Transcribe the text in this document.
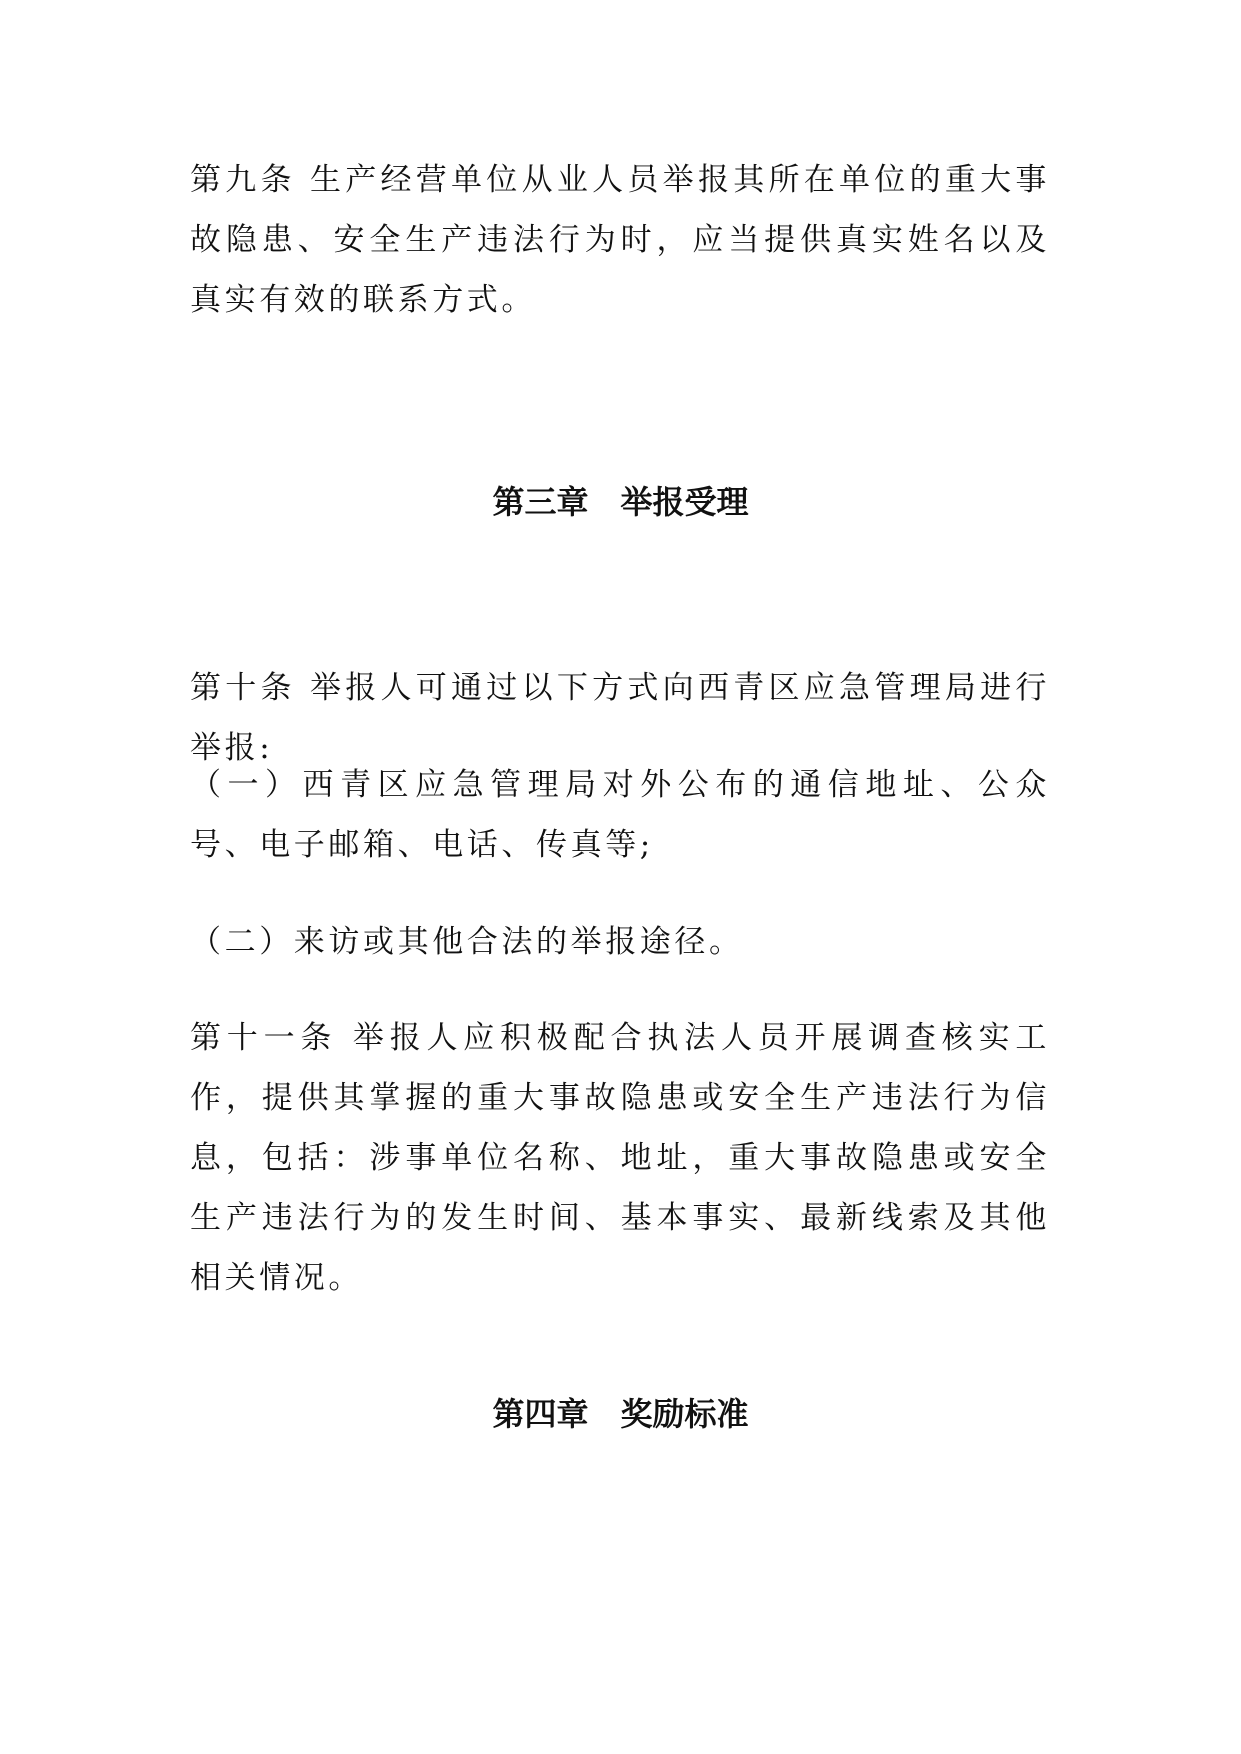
第九条 生产经营单位从业人员举报其所在单位的重大事故隐患、安全生产违法行为时，应当提供真实姓名以及真实有效的联系方式。

第三章　举报受理

第十条 举报人可通过以下方式向西青区应急管理局进行举报:

（一）西青区应急管理局对外公布的通信地址、公众号、电子邮箱、电话、传真等;

（二）来访或其他合法的举报途径。

第十一条 举报人应积极配合执法人员开展调查核实工作，提供其掌握的重大事故隐患或安全生产违法行为信息，包括：涉事单位名称、地址，重大事故隐患或安全生产违法行为的发生时间、基本事实、最新线索及其他相关情况。

第四章　奖励标准
